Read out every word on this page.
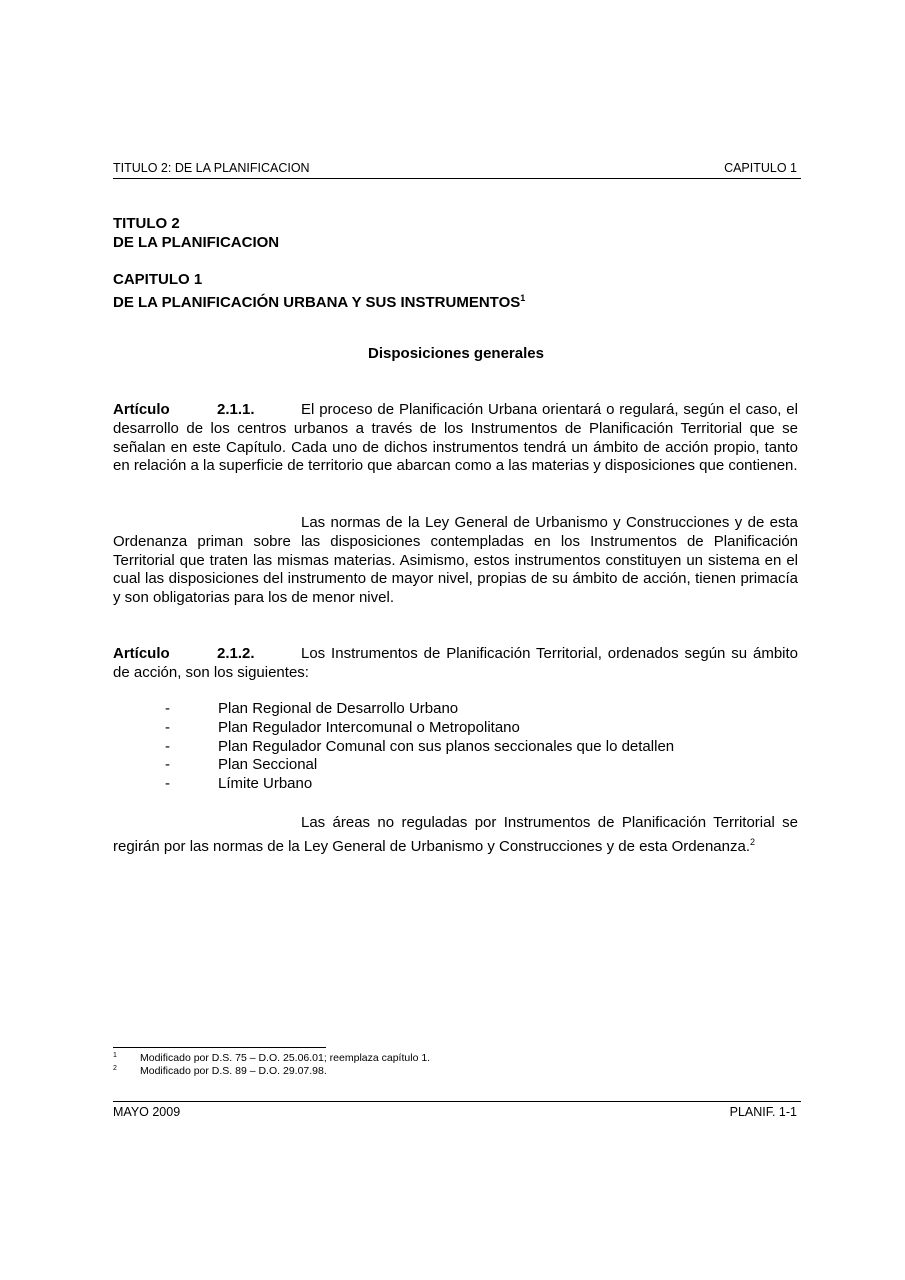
TITULO 2: DE LA PLANIFICACION	CAPITULO 1
TITULO 2
DE LA PLANIFICACION
CAPITULO 1
DE LA PLANIFICACIÓN URBANA Y SUS INSTRUMENTOS$^1$
Disposiciones generales
Artículo	2.1.1.	El proceso de Planificación Urbana orientará o regulará, según el caso, el desarrollo de los centros urbanos a través de los Instrumentos de Planificación Territorial que se señalan en este Capítulo. Cada uno de dichos instrumentos tendrá un ámbito de acción propio, tanto en relación a la superficie de territorio que abarcan como a las materias y disposiciones que contienen.
Las normas de la Ley General de Urbanismo y Construcciones y de esta Ordenanza priman sobre las disposiciones contempladas en los Instrumentos de Planificación Territorial que traten las mismas materias. Asimismo, estos instrumentos constituyen un sistema en el cual las disposiciones del instrumento de mayor nivel, propias de su ámbito de acción, tienen primacía y son obligatorias para los de menor nivel.
Artículo	2.1.2.	Los Instrumentos de Planificación Territorial, ordenados según su ámbito de acción, son los siguientes:
-	Plan Regional de Desarrollo Urbano
-	Plan Regulador Intercomunal o Metropolitano
-	Plan Regulador Comunal con sus planos seccionales que lo detallen
-	Plan Seccional
-	Límite Urbano
Las áreas no reguladas por Instrumentos de Planificación Territorial se regirán por las normas de la Ley General de Urbanismo y Construcciones y de esta Ordenanza.$^2$
1 Modificado por D.S. 75 – D.O. 25.06.01; reemplaza capítulo 1.
2 Modificado por D.S. 89 – D.O. 29.07.98.
MAYO 2009	PLANIF. 1-1
